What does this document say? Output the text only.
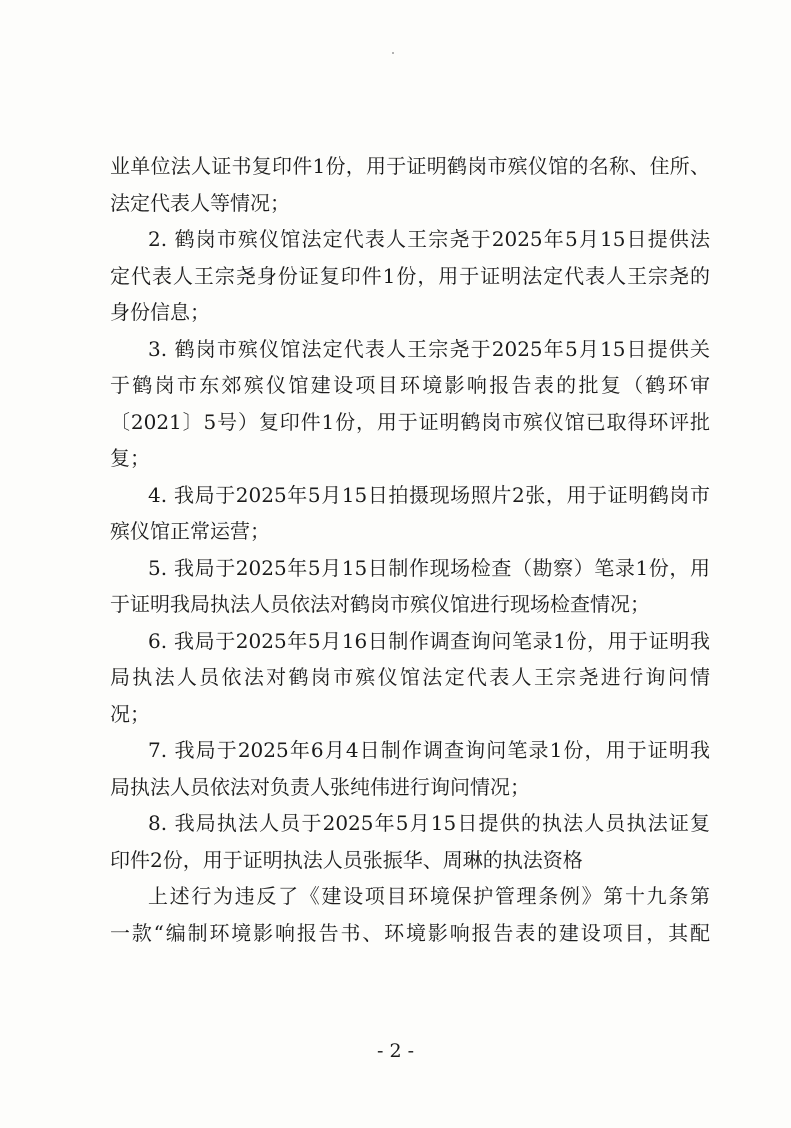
业单位法人证书复印件1份，用于证明鹤岗市殡仪馆的名称、住所、
法定代表人等情况；
2. 鹤岗市殡仪馆法定代表人王宗尧于2025年5月15日提供法
定代表人王宗尧身份证复印件1份，用于证明法定代表人王宗尧的
身份信息；
3. 鹤岗市殡仪馆法定代表人王宗尧于2025年5月15日提供关
于鹤岗市东郊殡仪馆建设项目环境影响报告表的批复（鹤环审
〔2021〕5号）复印件1份，用于证明鹤岗市殡仪馆已取得环评批
复；
4. 我局于2025年5月15日拍摄现场照片2张，用于证明鹤岗市
殡仪馆正常运营；
5. 我局于2025年5月15日制作现场检查（勘察）笔录1份，用
于证明我局执法人员依法对鹤岗市殡仪馆进行现场检查情况；
6. 我局于2025年5月16日制作调查询问笔录1份，用于证明我
局执法人员依法对鹤岗市殡仪馆法定代表人王宗尧进行询问情
况；
7. 我局于2025年6月4日制作调查询问笔录1份，用于证明我
局执法人员依法对负责人张纯伟进行询问情况；
8. 我局执法人员于2025年5月15日提供的执法人员执法证复
印件2份，用于证明执法人员张振华、周琳的执法资格
上述行为违反了《建设项目环境保护管理条例》第十九条第
一款“编制环境影响报告书、环境影响报告表的建设项目，其配
- 2 -
